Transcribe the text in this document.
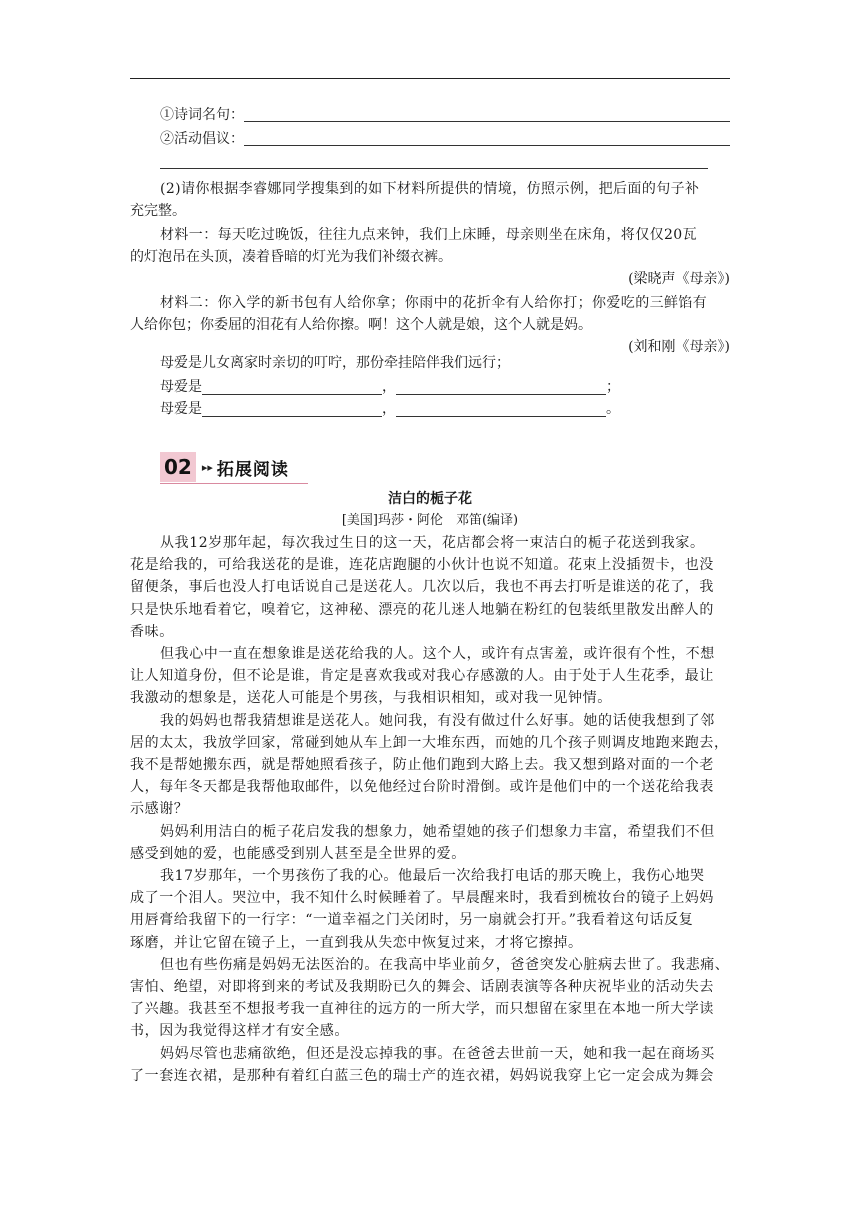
①诗词名句：
②活动倡议：
(2)请你根据李睿娜同学搜集到的如下材料所提供的情境，仿照示例，把后面的句子补
充完整。
材料一：每天吃过晚饭，往往九点来钟，我们上床睡，母亲则坐在床角，将仅仅20瓦
的灯泡吊在头顶，凑着昏暗的灯光为我们补缀衣裤。
(梁晓声《母亲》)
材料二：你入学的新书包有人给你拿；你雨中的花折伞有人给你打；你爱吃的三鲜馅有
人给你包；你委屈的泪花有人给你擦。啊！这个人就是娘，这个人就是妈。
(刘和刚《母亲》)
母爱是儿女离家时亲切的叮咛，那份牵挂陪伴我们远行；
母爱是	，	；
母爱是	，	。
02 ▸▸ 拓展阅读
洁白的栀子花
[美国]玛莎・阿伦　邓笛(编译)
从我12岁那年起，每次我过生日的这一天，花店都会将一束洁白的栀子花送到我家。
花是给我的，可给我送花的是谁，连花店跑腿的小伙计也说不知道。花束上没插贺卡，也没
留便条，事后也没人打电话说自己是送花人。几次以后，我也不再去打听是谁送的花了，我
只是快乐地看着它，嗅着它，这神秘、漂亮的花儿迷人地躺在粉红的包装纸里散发出醉人的
香味。
但我心中一直在想象谁是送花给我的人。这个人，或许有点害羞，或许很有个性，不想
让人知道身份，但不论是谁，肯定是喜欢我或对我心存感激的人。由于处于人生花季，最让
我激动的想象是，送花人可能是个男孩，与我相识相知，或对我一见钟情。
我的妈妈也帮我猜想谁是送花人。她问我，有没有做过什么好事。她的话使我想到了邻
居的太太，我放学回家，常碰到她从车上卸一大堆东西，而她的几个孩子则调皮地跑来跑去，
我不是帮她搬东西，就是帮她照看孩子，防止他们跑到大路上去。我又想到路对面的一个老
人，每年冬天都是我帮他取邮件，以免他经过台阶时滑倒。或许是他们中的一个送花给我表
示感谢？
妈妈利用洁白的栀子花启发我的想象力，她希望她的孩子们想象力丰富，希望我们不但
感受到她的爱，也能感受到别人甚至是全世界的爱。
我17岁那年，一个男孩伤了我的心。他最后一次给我打电话的那天晚上，我伤心地哭
成了一个泪人。哭泣中，我不知什么时候睡着了。早晨醒来时，我看到梳妆台的镜子上妈妈
用唇膏给我留下的一行字：“一道幸福之门关闭时，另一扇就会打开。”我看着这句话反复
琢磨，并让它留在镜子上，一直到我从失恋中恢复过来，才将它擦掉。
但也有些伤痛是妈妈无法医治的。在我高中毕业前夕，爸爸突发心脏病去世了。我悲痛、
害怕、绝望，对即将到来的考试及我期盼已久的舞会、话剧表演等各种庆祝毕业的活动失去
了兴趣。我甚至不想报考我一直神往的远方的一所大学，而只想留在家里在本地一所大学读
书，因为我觉得这样才有安全感。
妈妈尽管也悲痛欲绝，但还是没忘掉我的事。在爸爸去世前一天，她和我一起在商场买
了一套连衣裙，是那种有着红白蓝三色的瑞士产的连衣裙，妈妈说我穿上它一定会成为舞会
